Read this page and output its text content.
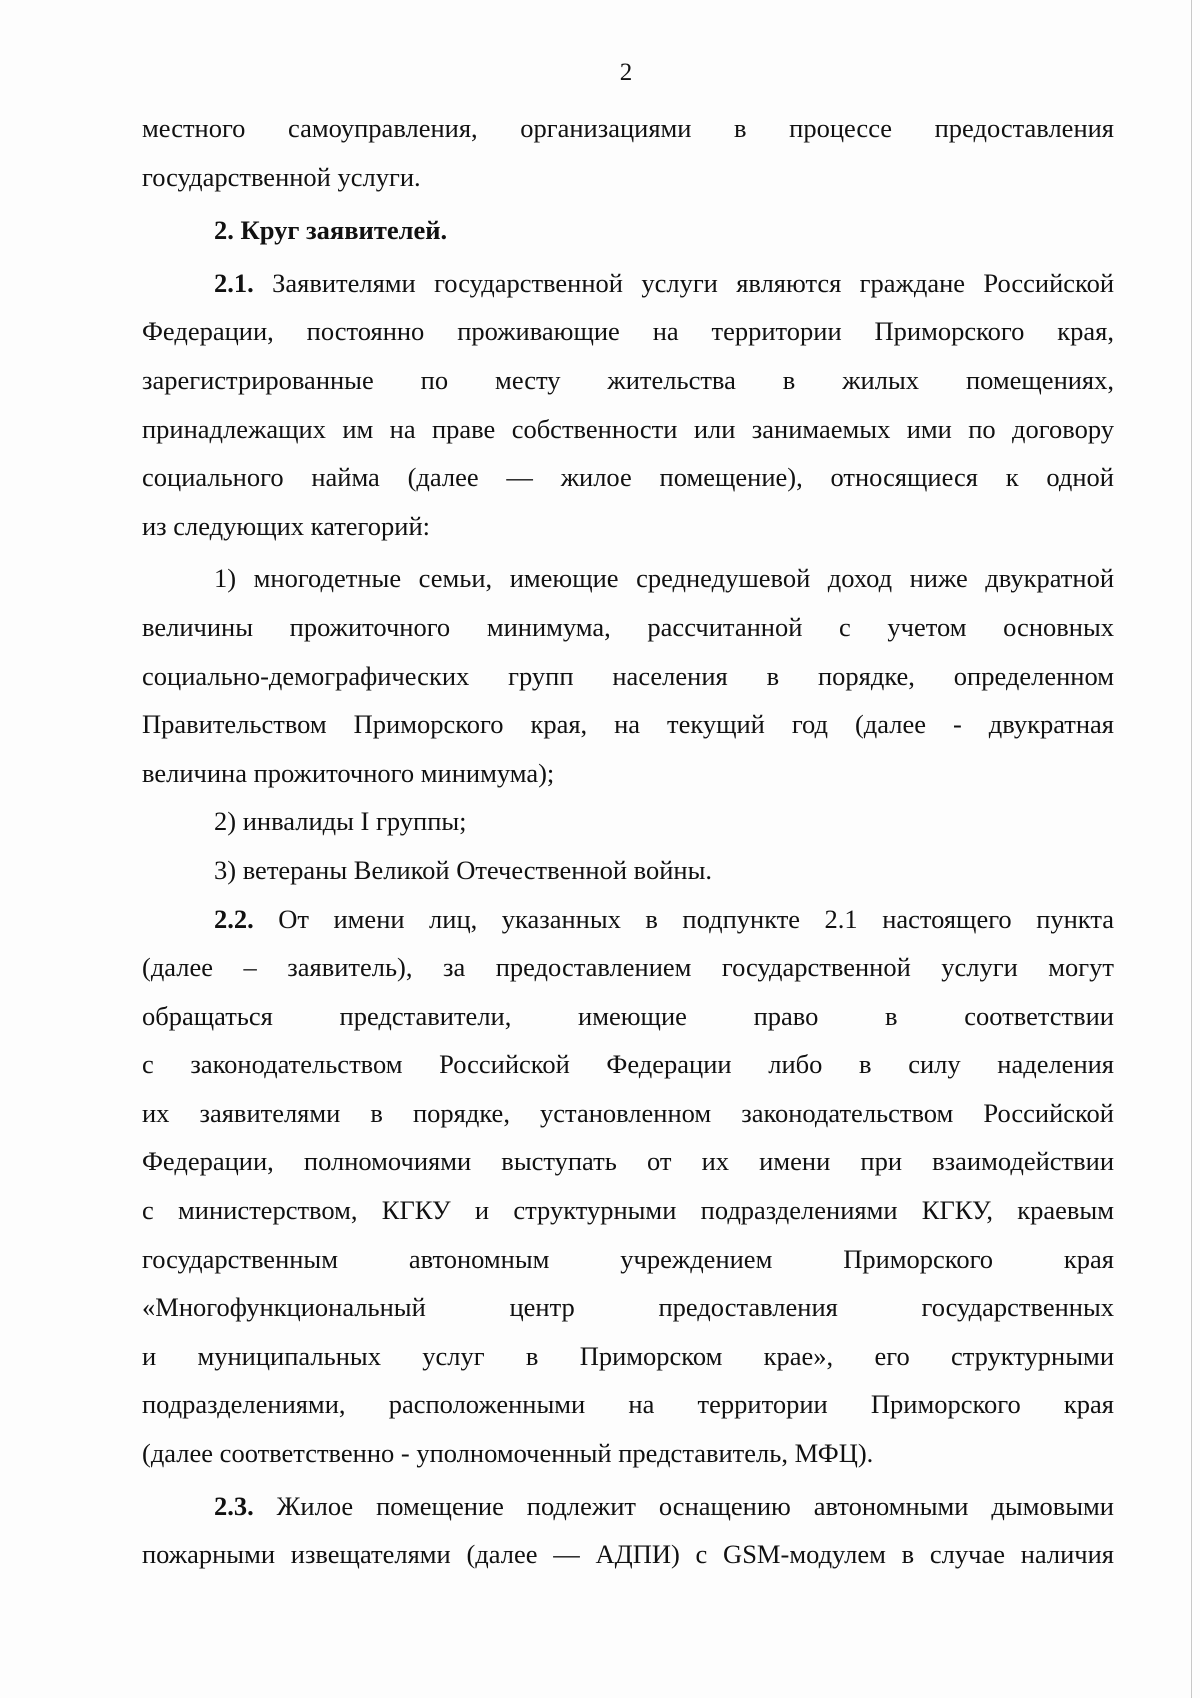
2

местного самоуправления, организациями в процессе предоставления

государственной услуги.

2. Круг заявителей.

2.1. Заявителями государственной услуги являются граждане Российской

Федерации, постоянно проживающие на территории Приморского края,

зарегистрированные по месту жительства в жилых помещениях,

принадлежащих им на праве собственности или занимаемых ими по договору

социального найма (далее — жилое помещение), относящиеся к одной

из следующих категорий:

1) многодетные семьи, имеющие среднедушевой доход ниже двукратной

величины прожиточного минимума, рассчитанной с учетом основных

социально-демографических групп населения в порядке, определенном

Правительством Приморского края, на текущий год (далее - двукратная

величина прожиточного минимума);

2) инвалиды I группы;

3) ветераны Великой Отечественной войны.

2.2. От имени лиц, указанных в подпункте 2.1 настоящего пункта

(далее – заявитель), за предоставлением государственной услуги могут

обращаться представители, имеющие право в соответствии

с законодательством Российской Федерации либо в силу наделения

их заявителями в порядке, установленном законодательством Российской

Федерации, полномочиями выступать от их имени при взаимодействии

с министерством, КГКУ и структурными подразделениями КГКУ, краевым

государственным автономным учреждением Приморского края

«Многофункциональный центр предоставления государственных

и муниципальных услуг в Приморском крае», его структурными

подразделениями, расположенными на территории Приморского края

(далее соответственно - уполномоченный представитель, МФЦ).

2.3. Жилое помещение подлежит оснащению автономными дымовыми

пожарными извещателями (далее — АДПИ) с GSM-модулем в случае наличия
